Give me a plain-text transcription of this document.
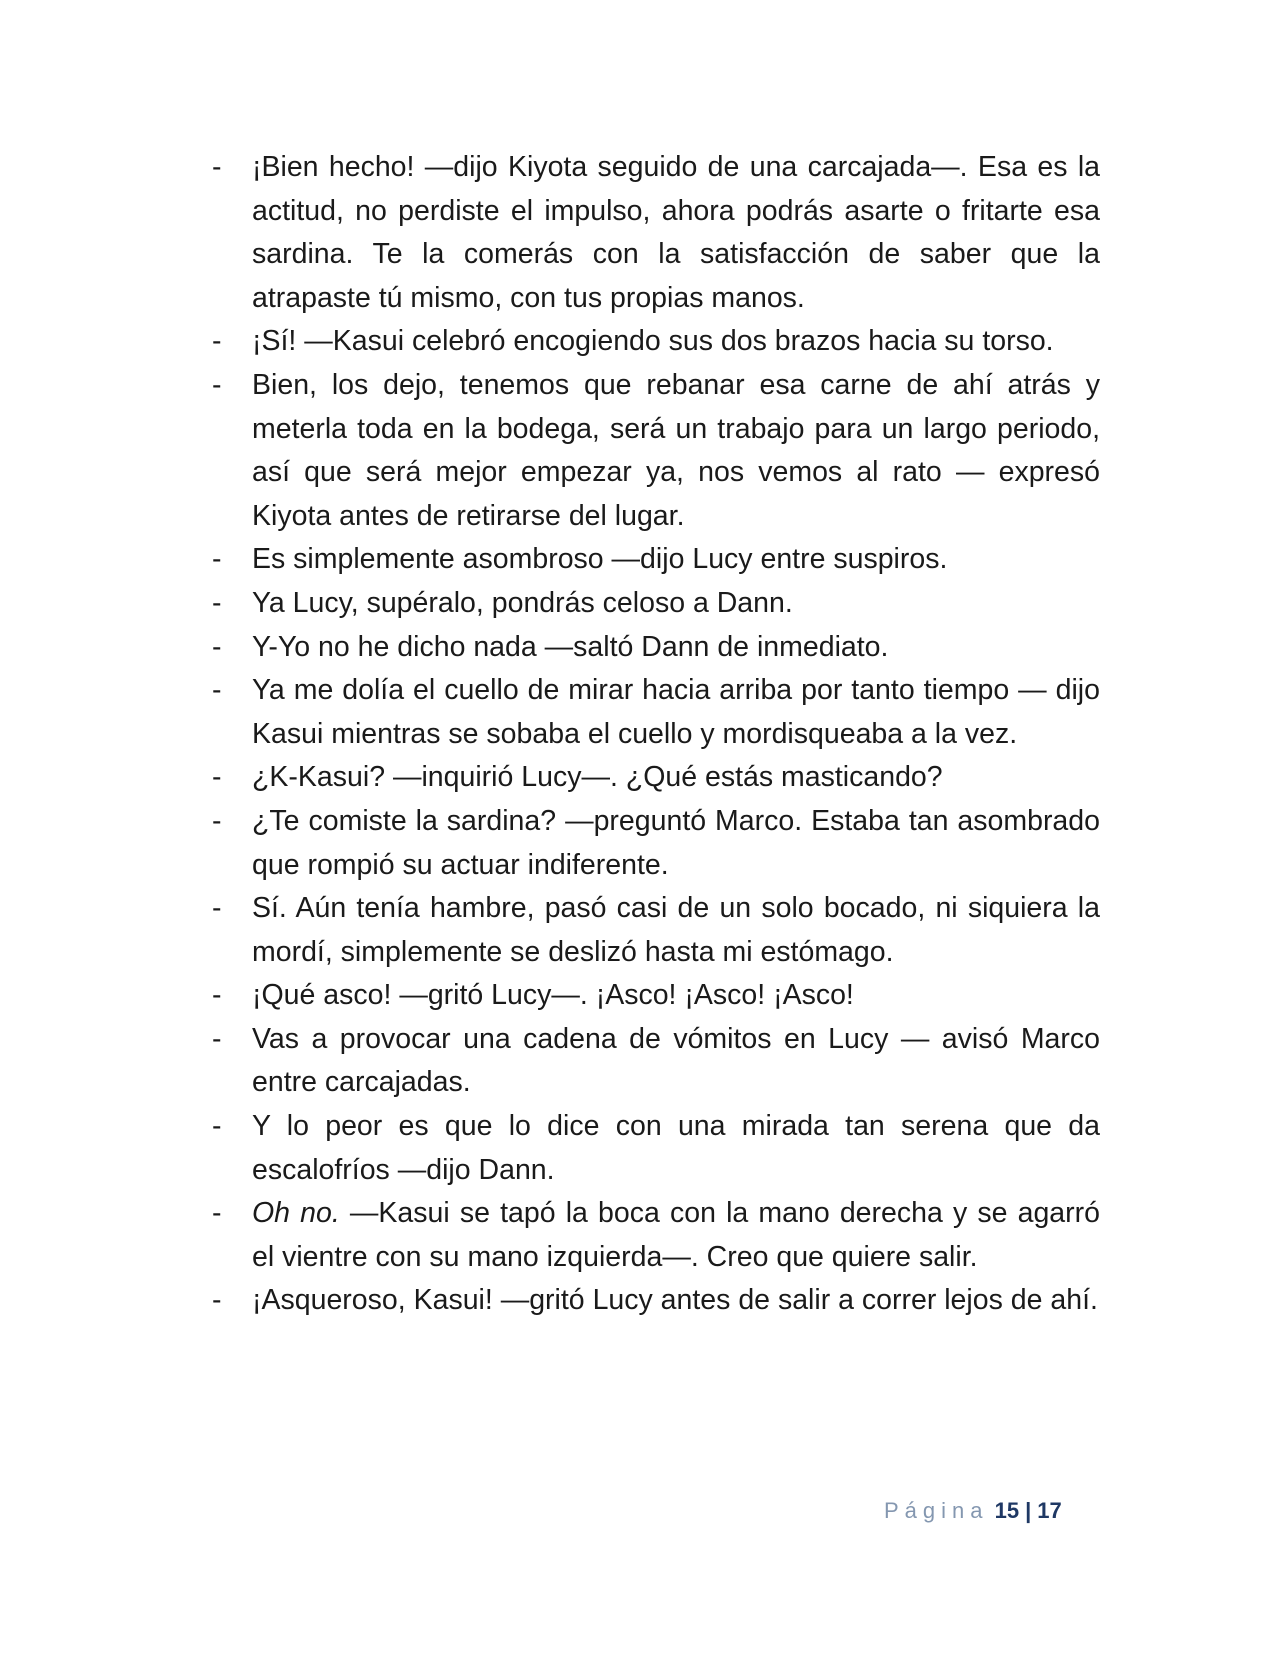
- ¡Bien hecho! —dijo Kiyota seguido de una carcajada—. Esa es la actitud, no perdiste el impulso, ahora podrás asarte o fritarte esa sardina. Te la comerás con la satisfacción de saber que la atrapaste tú mismo, con tus propias manos.
- ¡Sí! —Kasui celebró encogiendo sus dos brazos hacia su torso.
- Bien, los dejo, tenemos que rebanar esa carne de ahí atrás y meterla toda en la bodega, será un trabajo para un largo periodo, así que será mejor empezar ya, nos vemos al rato — expresó Kiyota antes de retirarse del lugar.
- Es simplemente asombroso —dijo Lucy entre suspiros.
- Ya Lucy, supéralo, pondrás celoso a Dann.
- Y-Yo no he dicho nada —saltó Dann de inmediato.
- Ya me dolía el cuello de mirar hacia arriba por tanto tiempo — dijo Kasui mientras se sobaba el cuello y mordisqueaba a la vez.
- ¿K-Kasui? —inquirió Lucy—. ¿Qué estás masticando?
- ¿Te comiste la sardina? —preguntó Marco. Estaba tan asombrado que rompió su actuar indiferente.
- Sí. Aún tenía hambre, pasó casi de un solo bocado, ni siquiera la mordí, simplemente se deslizó hasta mi estómago.
- ¡Qué asco! —gritó Lucy—. ¡Asco! ¡Asco! ¡Asco!
- Vas a provocar una cadena de vómitos en Lucy — avisó Marco entre carcajadas.
- Y lo peor es que lo dice con una mirada tan serena que da escalofríos —dijo Dann.
- Oh no. —Kasui se tapó la boca con la mano derecha y se agarró el vientre con su mano izquierda—. Creo que quiere salir.
- ¡Asqueroso, Kasui! —gritó Lucy antes de salir a correr lejos de ahí.
Página 15 | 17
